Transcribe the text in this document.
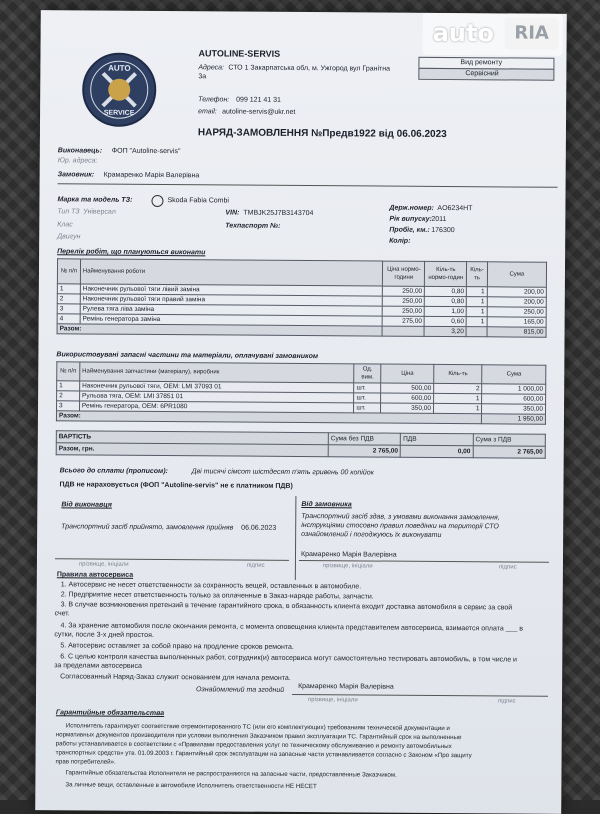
AUTO
SERVICE
AUTOLINE-SERVIS
Адреса: СТО 1 Закарпатська обл, м. Ужгород вул Гранітна
3а
Телефон: 099 121 41 31
email: autoline-servis@ukr.net
Вид ремонту
Сервісний
auto	RIA
НАРЯД-ЗАМОВЛЕННЯ №Предв1922 від 06.06.2023
Виконавець: ФОП "Autoline-servis"
Юр. адреса:
Замовник: Крамаренко Марія Валерівна
Марка та модель ТЗ:	Skoda Fabia Combi
Тип ТЗ Універсал
Клас
Двигун
VIN: TMBJK25J7B3143704
Техпаспорт №:
Держ.номер: AO6234HT
Рік випуску: 2011
Пробіг, км.: 176300
Колір:
Перелік робіт, що плануються виконати
№ п/п	Найменування роботи	Ціна нормо-години	Кіль-ть нормо-годин	Кіль-ть	Сума
1	Наконечник рульової тяги лівий заміна	250,00	0,80	1	200,00
2	Наконечник рульової тяги правий заміна	250,00	0,80	1	200,00
3	Рулева тяга ліва заміна	250,00	1,00	1	250,00
4	Ремінь генератора заміна	275,00	0,60	1	165,00
Разом:			3,20		815,00
Використовувані запасні частини та матеріали, оплачувані замовником
№ п/п	Найменування запчастини (матеріалу), виробник	Од. вим.	Ціна	Кіль-ть	Сума
1	Наконечник рульової тяги, OEM: LMI 37093 01	шт.	500,00	2	1 000,00
2	Рульова тяга, OEM: LMI 37851 01	шт.	600,00	1	600,00
3	Ремінь генератора, OEM: 6PR1080	шт.	350,00	1	350,00
Разом:					1 950,00
ВАРТІСТЬ	Сума без ПДВ	ПДВ	Сума з ПДВ
Разом, грн.	2 765,00	0,00	2 765,00
Всього до сплати (прописом):	Дві тисячі сімсот шістдесят п'ять гривень 00 копійок
ПДВ не нараховується (ФОП "Autoline-servis" не є платником ПДВ)
Від виконавця
Транспортний засіб прийнято, замовлення прийняв 06.06.2023
прізвище, ініціали	підпис
Від замовника
Транспортний засіб здав, з умовами виконання замовлення,
інструкціями стосовно правил поведінки на території СТО
ознайомлений і погоджуюсь їх виконувати
Крамаренко Марія Валерівна
прізвище, ініціали	підпис
Правила автосервиса
1. Автосервис не несет ответственности за сохранность вещей, оставленных в автомобиле.
2. Предприятие несет ответственность только за оплаченные в Заказ-наряде работы, запчасти.
3. В случае возникновения претензий в течение гарантийного срока, в обязанность клиента входит доставка автомобиля в сервис за свой
счет.
4. За хранение автомобиля после окончания ремонта, с момента оповещения клиента представителем автосервиса, взимается оплата ___ в
сутки, после 3-х дней простоя.
5. Автосервис оставляет за собой право на продление сроков ремонта.
6. С целью контроля качества выполненных работ, сотрудник(и) автосервиса могут самостоятельно тестировать автомобиль, в том числе и
за пределами автосервиса
Согласованный Наряд-Заказ служит основанием для начала ремонта.
Ознайомлений та згодний Крамаренко Марія Валерівна
прізвище, ініціали	підпис
Гарантийные обязательства
Исполнитель гарантирует соответствие отремонтированного ТС (или его комплектующих) требованиям технической документации и
нормативных документов производителя при условии выполнения Заказчиком правил эксплуатации ТС. Гарантийный срок на выполненные
работы устанавливается в соответствии с «Правилами предоставления услуг по техническому обслуживанию и ремонту автомобильных
транспортных средств» утв. 01.09.2003 г. Гарантийный срок эксплуатации на запасные части устанавливается согласно с Законом «Про защиту
прав потребителей».
Гарантийные обязательства Исполнителя не распространяются на запасные части, предоставленные Заказчиком.
За личные вещи, оставленные в автомобиле Исполнитель ответственности НЕ НЕСЕТ
